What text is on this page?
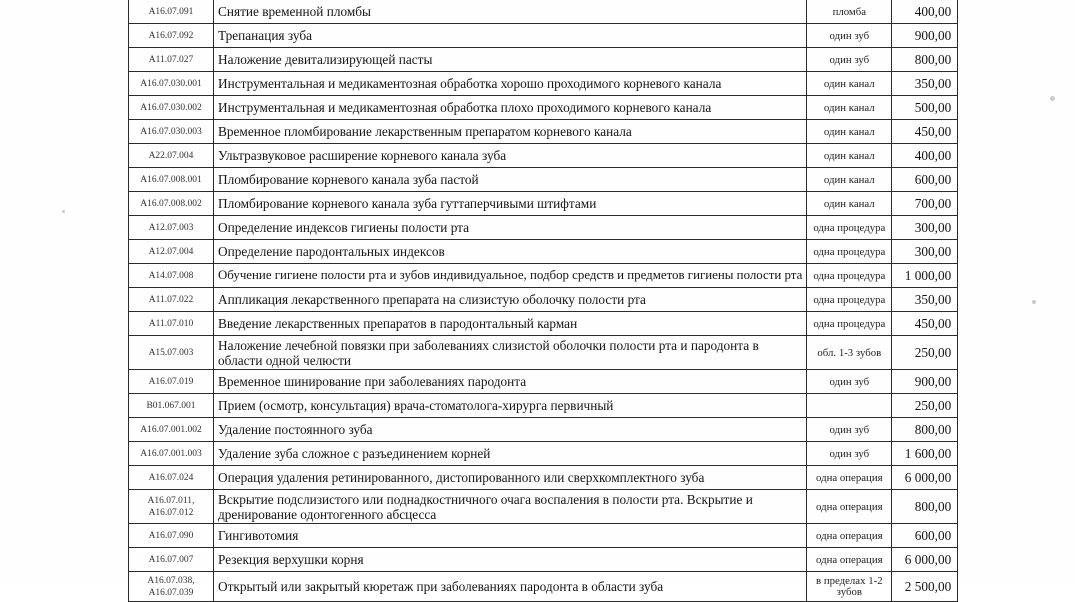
A16.07.091	Снятие временной пломбы	пломба	400,00
A16.07.092	Трепанация зуба	один зуб	900,00
A11.07.027	Наложение девитализирующей пасты	один зуб	800,00
A16.07.030.001	Инструментальная и медикаментозная обработка хорошо проходимого корневого канала	один канал	350,00
A16.07.030.002	Инструментальная и медикаментозная обработка плохо проходимого корневого канала	один канал	500,00
A16.07.030.003	Временное пломбирование лекарственным препаратом корневого канала	один канал	450,00
A22.07.004	Ультразвуковое расширение корневого канала зуба	один канал	400,00
A16.07.008.001	Пломбирование корневого канала зуба пастой	один канал	600,00
A16.07.008.002	Пломбирование корневого канала зуба гуттаперчивыми штифтами	один канал	700,00
A12.07.003	Определение индексов гигиены полости рта	одна процедура	300,00
A12.07.004	Определение пародонтальных индексов	одна процедура	300,00
A14.07.008	Обучение гигиене полости рта и зубов индивидуальное, подбор средств и предметов гигиены полости рта	одна процедура	1 000,00
A11.07.022	Аппликация лекарственного препарата на слизистую оболочку полости рта	одна процедура	350,00
A11.07.010	Введение лекарственных препаратов в пародонтальный карман	одна процедура	450,00
A15.07.003	Наложение лечебной повязки при заболеваниях слизистой оболочки полости рта и пародонта в области одной челюсти	обл. 1-3 зубов	250,00
A16.07.019	Временное шинирование при заболеваниях пародонта	один зуб	900,00
B01.067.001	Прием (осмотр, консультация) врача-стоматолога-хирурга первичный		250,00
A16.07.001.002	Удаление постоянного зуба	один зуб	800,00
A16.07.001.003	Удаление зуба сложное с разъединением корней	один зуб	1 600,00
A16.07.024	Операция удаления ретинированного, дистопированного или сверхкомплектного зуба	одна операция	6 000,00
A16.07.011, A16.07.012	Вскрытие подслизистого или поднадкостничного очага воспаления в полости рта. Вскрытие и дренирование одонтогенного абсцесса	одна операция	800,00
A16.07.090	Гингивотомия	одна операция	600,00
A16.07.007	Резекция верхушки корня	одна операция	6 000,00
A16.07.038, A16.07.039	Открытый или закрытый кюретаж при заболеваниях пародонта в области зуба	в пределах 1-2 зубов	2 500,00
